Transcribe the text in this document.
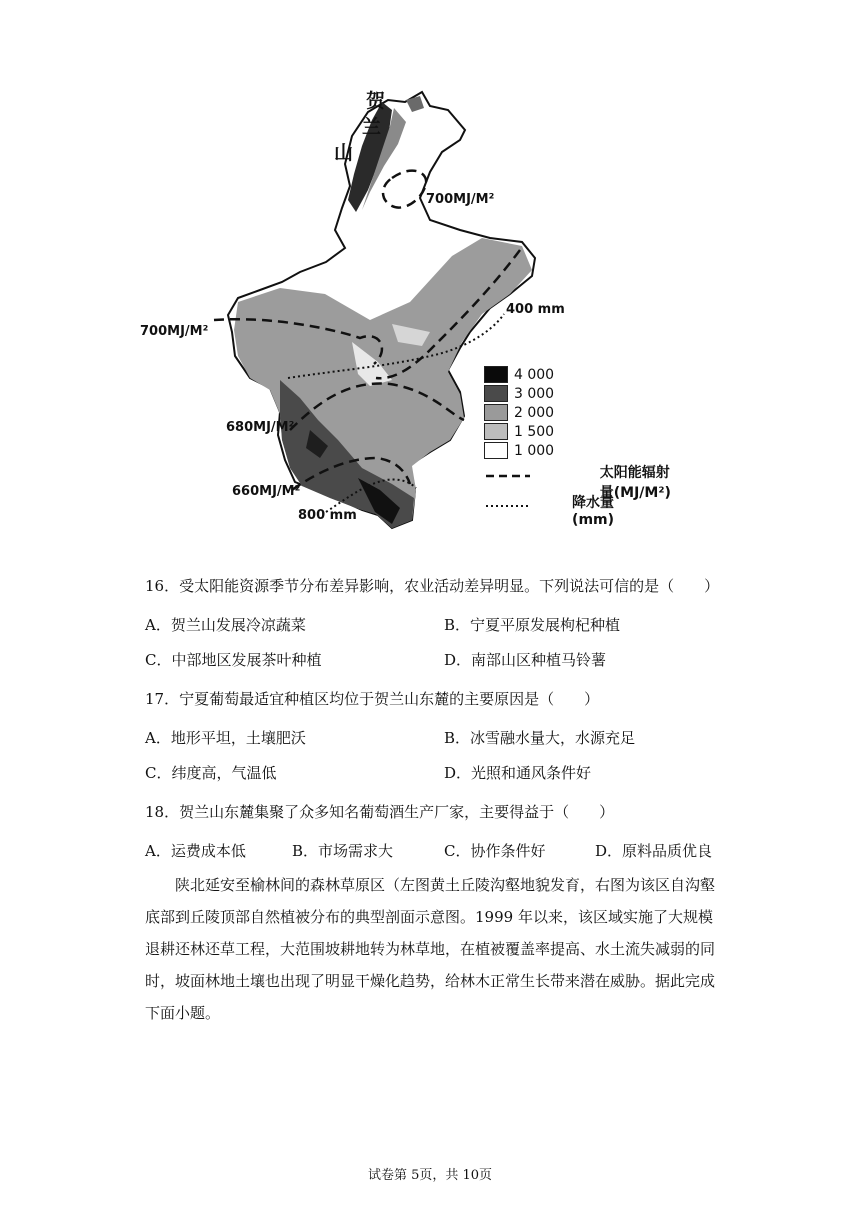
贺
兰
山
700MJ/M²
700MJ/M²
680MJ/M²
660MJ/M²
400 mm
800 mm
4 000
3 000
2 000
1 500
1 000
太阳能辐射量(MJ/M²)
降水量(mm)
16．受太阳能资源季节分布差异影响，农业活动差异明显。下列说法可信的是（　　）
A．贺兰山发展冷凉蔬菜	B．宁夏平原发展枸杞种植
C．中部地区发展茶叶种植	D．南部山区种植马铃薯
17．宁夏葡萄最适宜种植区均位于贺兰山东麓的主要原因是（　　）
A．地形平坦，土壤肥沃	B．冰雪融水量大，水源充足
C．纬度高，气温低	D．光照和通风条件好
18．贺兰山东麓集聚了众多知名葡萄酒生产厂家，主要得益于（　　）
A．运费成本低	B．市场需求大	C．协作条件好	D．原料品质优良
陕北延安至榆林间的森林草原区（左图黄土丘陵沟壑地貌发育，右图为该区自沟壑
底部到丘陵顶部自然植被分布的典型剖面示意图。1999 年以来，该区域实施了大规模
退耕还林还草工程，大范围坡耕地转为林草地，在植被覆盖率提高、水土流失减弱的同
时，坡面林地土壤也出现了明显干燥化趋势，给林木正常生长带来潜在威胁。据此完成
下面小题。
试卷第 5页，共 10页
